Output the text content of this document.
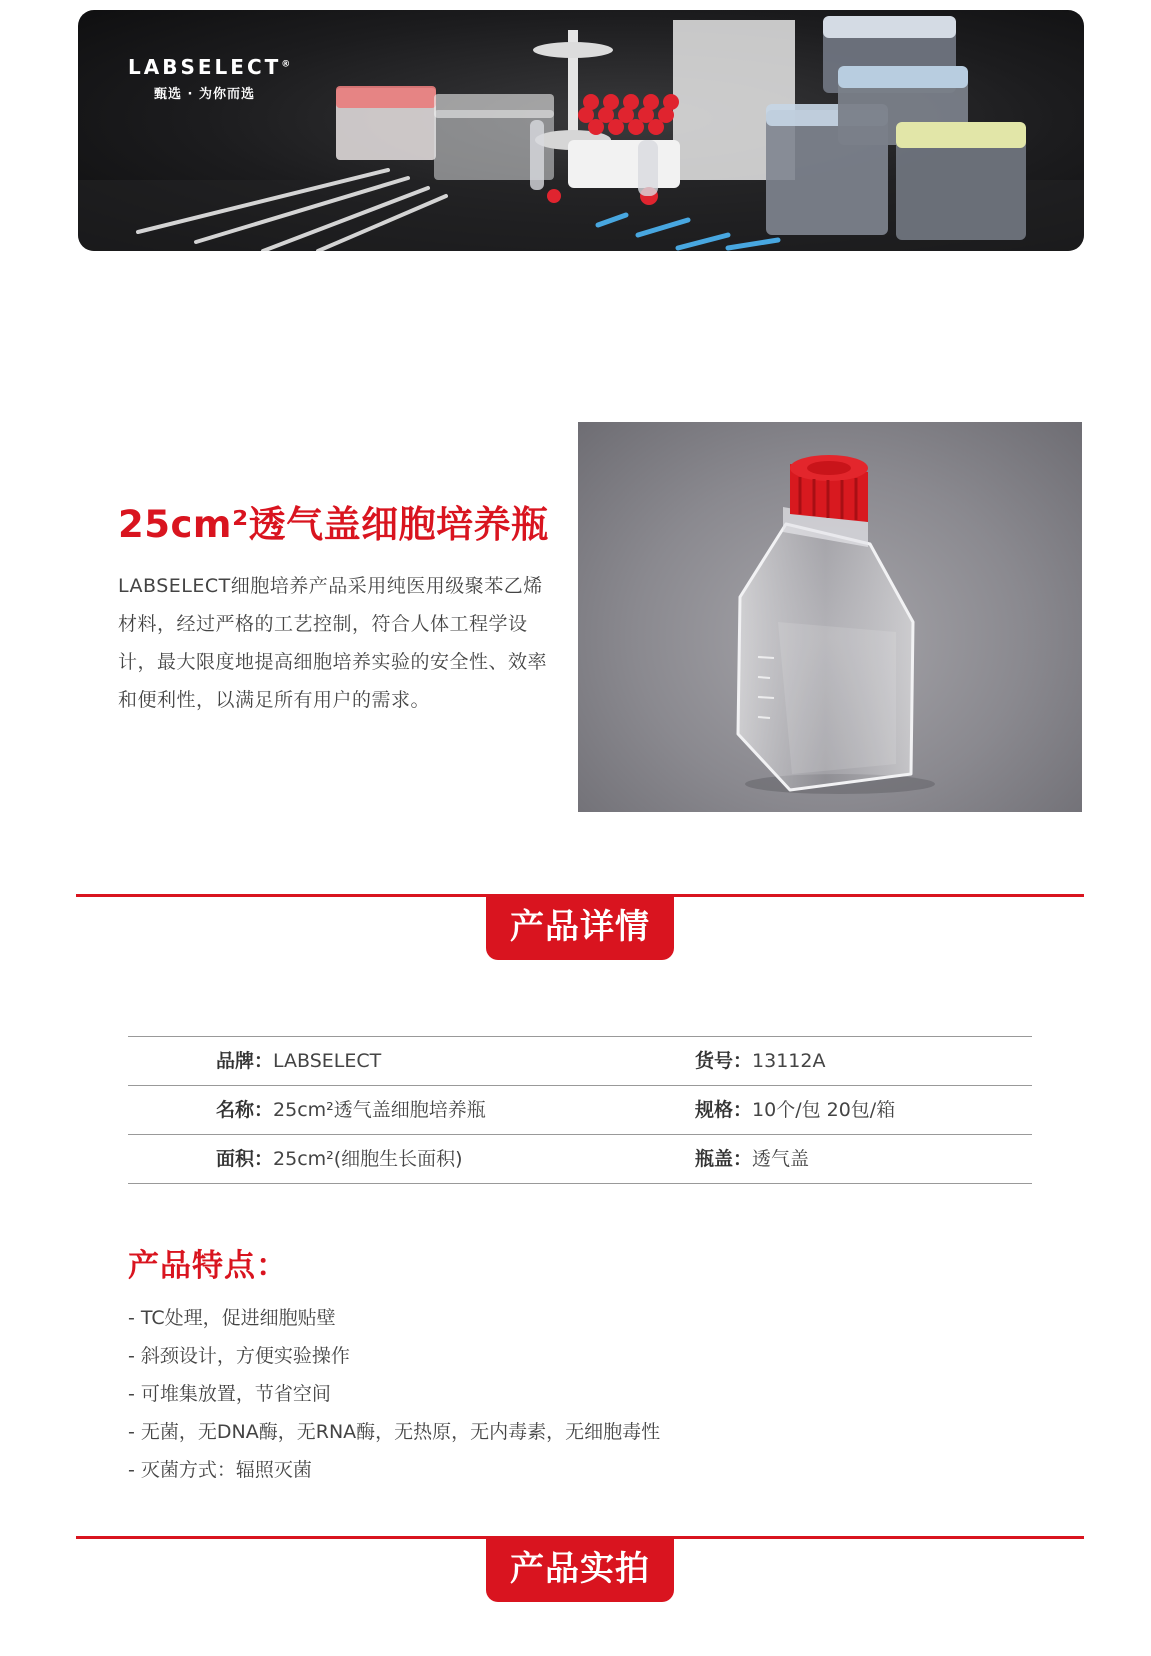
LABSELECT®
甄选 · 为你而选
25cm²透气盖细胞培养瓶

LABSELECT细胞培养产品采用纯医用级聚苯乙烯材料，经过严格的工艺控制，符合人体工程学设计，最大限度地提高细胞培养实验的安全性、效率和便利性，以满足所有用户的需求。

产品详情
品牌：LABSELECT	货号：13112A
名称：25cm²透气盖细胞培养瓶	规格：10个/包 20包/箱
面积：25cm²(细胞生长面积)	瓶盖：透气盖
产品特点：
- TC处理，促进细胞贴壁
- 斜颈设计，方便实验操作
- 可堆集放置，节省空间
- 无菌，无DNA酶，无RNA酶，无热原，无内毒素，无细胞毒性
- 灭菌方式：辐照灭菌
产品实拍
